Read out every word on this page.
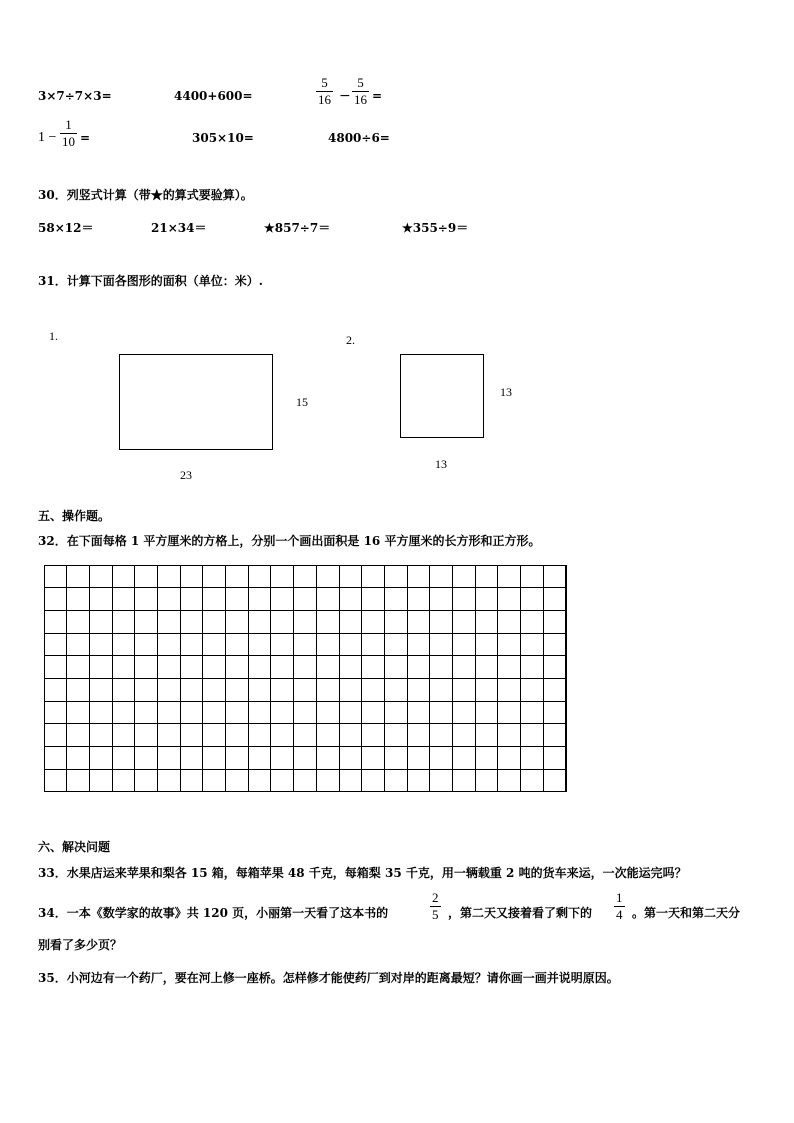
3×7÷7×3=	4400+600=
5
16 −
5
16 =
1 −
1
10 =	305×10=	4800÷6=
30．列竖式计算（带★的算式要验算）。
58×12＝	21×34＝	★857÷7＝	★355÷9＝
31．计算下面各图形的面积（单位：米）.
1.
15
23
2.
13
13
五、操作题。
32．在下面每格 1 平方厘米的方格上，分别一个画出面积是 16 平方厘米的长方形和正方形。
六、解决问题
33．水果店运来苹果和梨各 15 箱，每箱苹果 48 千克，每箱梨 35 千克，用一辆载重 2 吨的货车来运，一次能运完吗？
34．一本《数学家的故事》共 120 页，小丽第一天看了这本书的
2
5 ，第二天又接着看了剩下的
1
4 。第一天和第二天分
别看了多少页？
35．小河边有一个药厂，要在河上修一座桥。怎样修才能使药厂到对岸的距离最短？请你画一画并说明原因。
